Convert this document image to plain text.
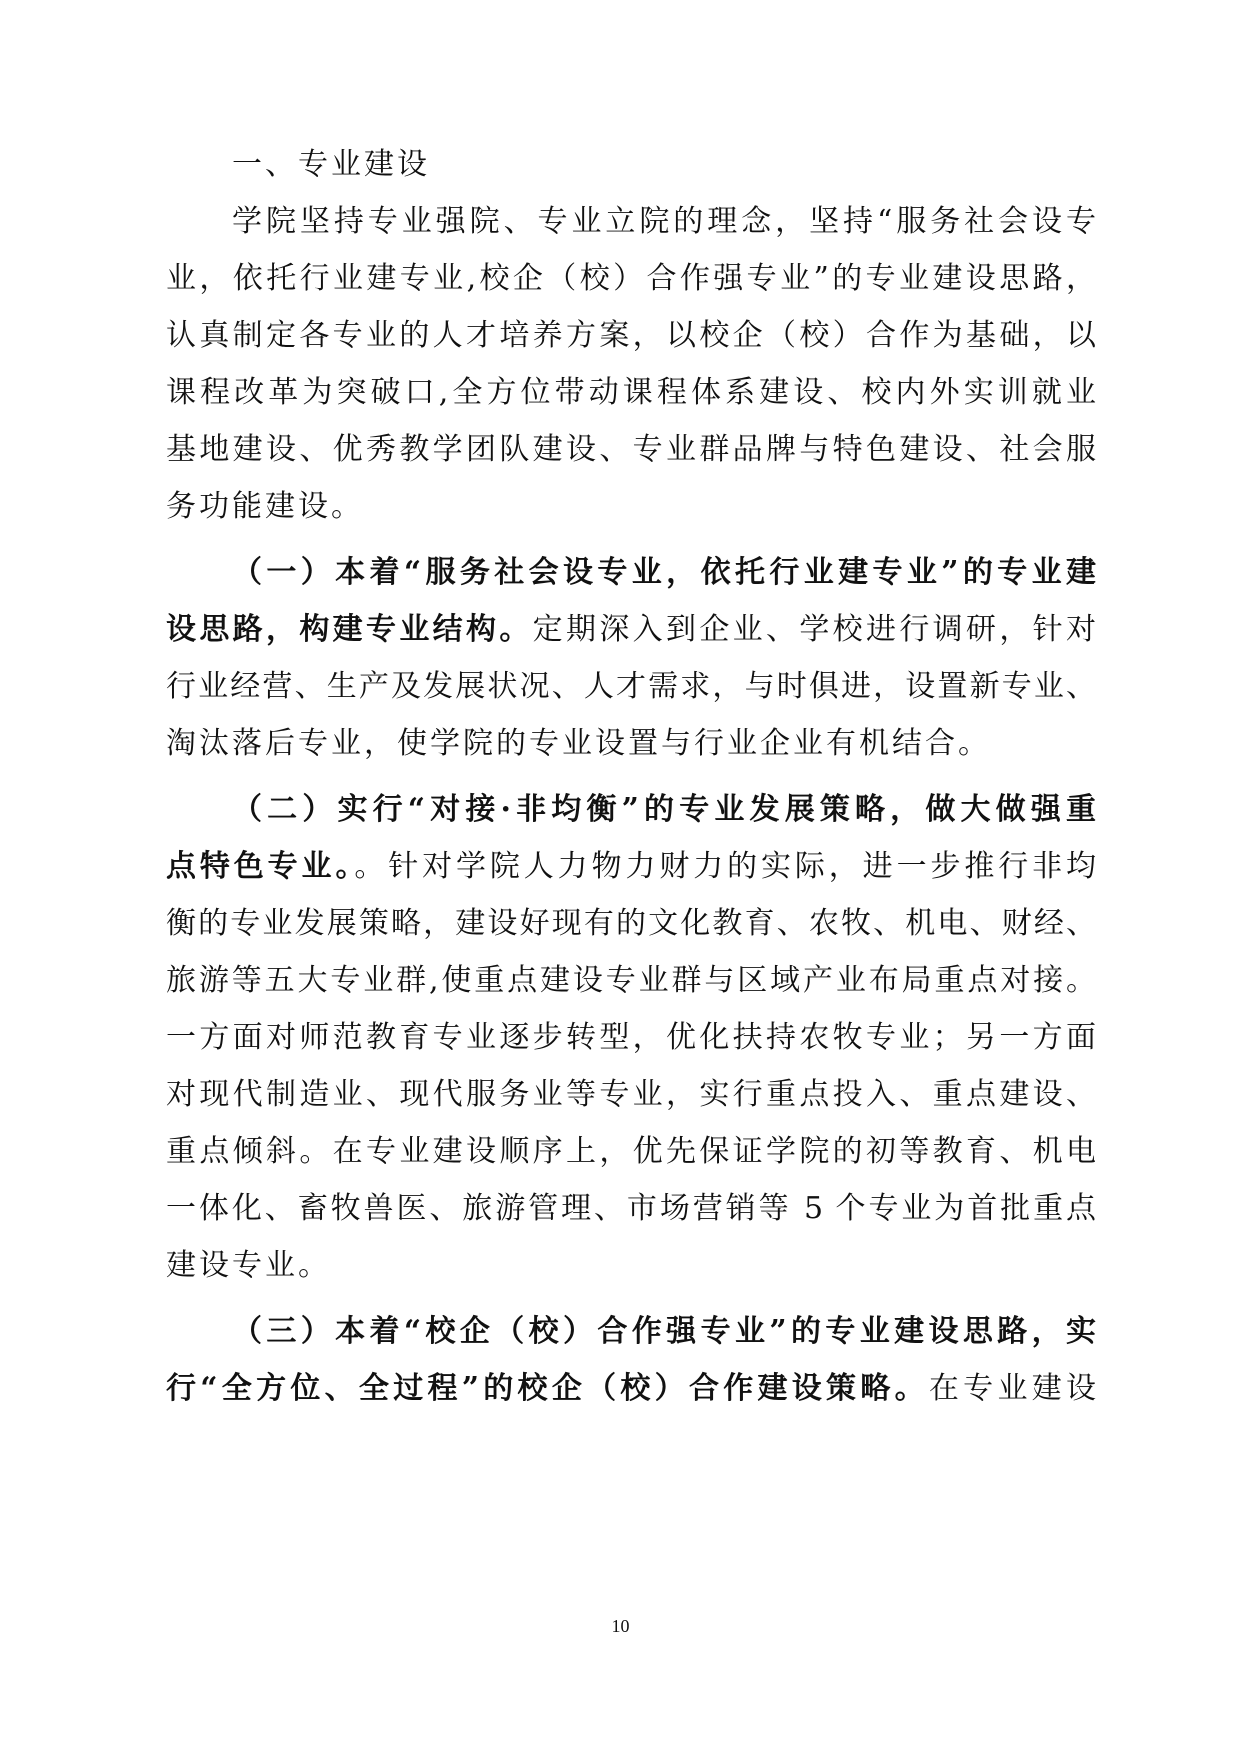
一、专业建设
学院坚持专业强院、专业立院的理念，坚持“服务社会设专
业，依托行业建专业,校企（校）合作强专业”的专业建设思路，
认真制定各专业的人才培养方案，以校企（校）合作为基础，以
课程改革为突破口,全方位带动课程体系建设、校内外实训就业
基地建设、优秀教学团队建设、专业群品牌与特色建设、社会服
务功能建设。
（一）本着“服务社会设专业，依托行业建专业”的专业建
设思路，构建专业结构。定期深入到企业、学校进行调研，针对
行业经营、生产及发展状况、人才需求，与时俱进，设置新专业、
淘汰落后专业，使学院的专业设置与行业企业有机结合。
（二）实行“对接·非均衡”的专业发展策略，做大做强重
点特色专业。。针对学院人力物力财力的实际，进一步推行非均
衡的专业发展策略，建设好现有的文化教育、农牧、机电、财经、
旅游等五大专业群,使重点建设专业群与区域产业布局重点对接。
一方面对师范教育专业逐步转型，优化扶持农牧专业；另一方面
对现代制造业、现代服务业等专业，实行重点投入、重点建设、
重点倾斜。在专业建设顺序上，优先保证学院的初等教育、机电
一体化、畜牧兽医、旅游管理、市场营销等 5 个专业为首批重点
建设专业。
（三）本着“校企（校）合作强专业”的专业建设思路，实
行“全方位、全过程”的校企（校）合作建设策略。在专业建设
10
